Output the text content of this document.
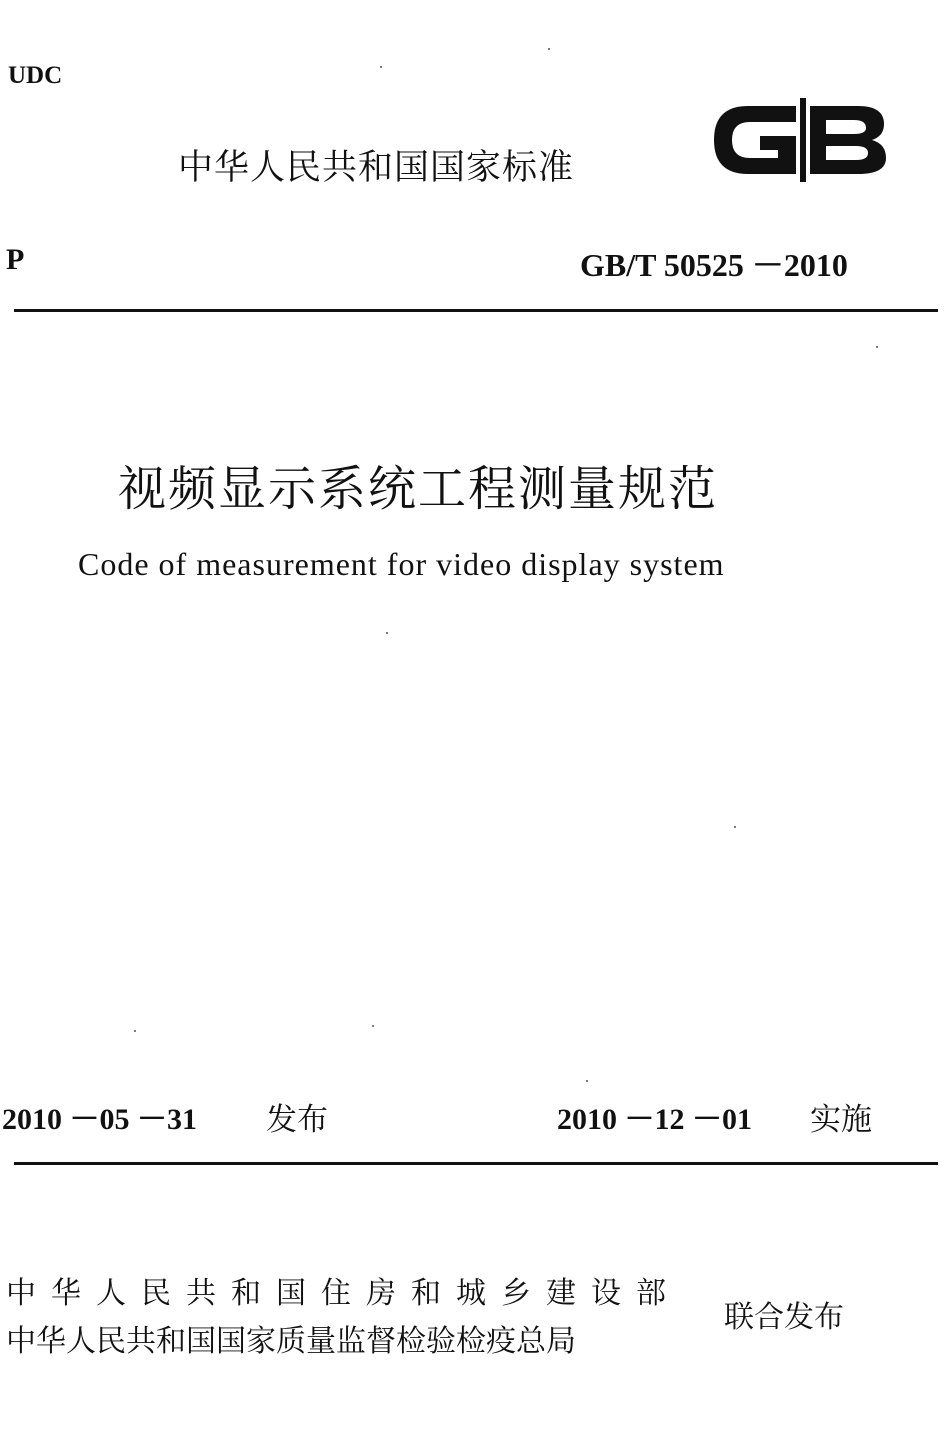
UDC
中华人民共和国国家标准
P	GB/T 50525 －2010
视频显示系统工程测量规范
Code of measurement for video display system
2010 －05 －31 发布	2010 －12 －01 实施
中华人民共和国住房和城乡建设部
中华人民共和国国家质量监督检验检疫总局
联合发布
